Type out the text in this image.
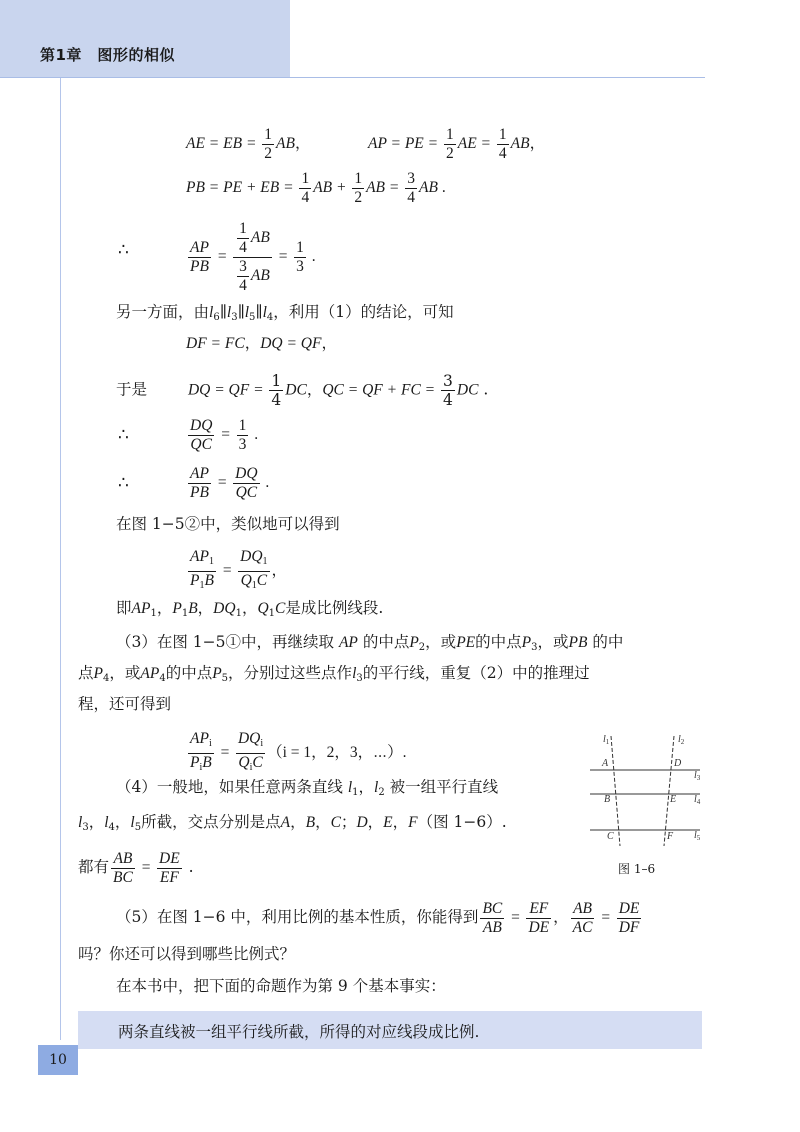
第1章　图形的相似
AE = EB = $\frac{1}{2}$ AB，	AP = PE = $\frac{1}{2}$ AE = $\frac{1}{4}$ AB，
PB = PE + EB = $\frac{1}{4}$ AB + $\frac{1}{2}$ AB = $\frac{3}{4}$ AB .
∴	$\frac{AP}{PB} = \frac{\frac{1}{4} AB}{\frac{3}{4} AB} = \frac{1}{3}$ .
另一方面，由$l_6\parallel l_3\parallel l_5\parallel l_4$，利用（1）的结论，可知
DF = FC，DQ = QF，
于是	DQ = QF = $\frac{1}{4}$ DC，QC = QF + FC = $\frac{3}{4}$ DC .
∴	$\frac{DQ}{QC} = \frac{1}{3}$ .
∴	$\frac{AP}{PB} = \frac{DQ}{QC}$ .
在图 1−5②中，类似地可以得到
$\frac{AP_1}{P_1B} = \frac{DQ_1}{Q_1C}$ ，
即$AP_1$，$P_1B$，$DQ_1$，$Q_1C$是成比例线段.
（3）在图 1−5①中，再继续取 AP 的中点$P_2$，或PE的中点$P_3$，或PB 的中
点$P_4$，或$AP_4$的中点$P_5$，分别过这些点作$l_3$的平行线，重复（2）中的推理过
程，还可得到
$\frac{AP_i}{P_iB} = \frac{DQ_i}{Q_iC} (i = 1$，2，3，⋯）.
（4）一般地，如果任意两条直线 $l_1$，$l_2$ 被一组平行直线
$l_3$，$l_4$，$l_5$所截，交点分别是点A，B，C；D，E，F（图 1−6）.
都有 $\frac{AB}{BC} = \frac{DE}{EF}$ .
（5）在图 1−6 中，利用比例的基本性质，你能得到 $\frac{BC}{AB} = \frac{EF}{DE}$ ， $\frac{AB}{AC} = \frac{DE}{DF}$
吗？你还可以得到哪些比例式？
在本书中，把下面的命题作为第 9 个基本事实：
两条直线被一组平行线所截，所得的对应线段成比例.
10
$l_1$	$l_2$
A	D
B	E
C	F
$l_3$
$l_4$
$l_5$
图 1–6
